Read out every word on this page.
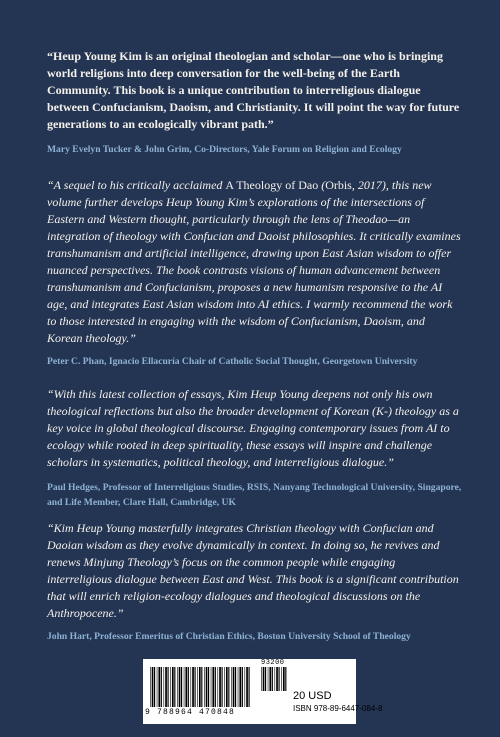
“Heup Young Kim is an original theologian and scholar—one who is bringing world religions into deep conversation for the well-being of the Earth Community. This book is a unique contribution to interreligious dialogue between Confucianism, Daoism, and Christianity. It will point the way for future generations to an ecologically vibrant path.”

Mary Evelyn Tucker & John Grim, Co-Directors, Yale Forum on Religion and Ecology

“A sequel to his critically acclaimed A Theology of Dao (Orbis, 2017), this new volume further develops Heup Young Kim’s explorations of the intersections of Eastern and Western thought, particularly through the lens of Theodao—an integration of theology with Confucian and Daoist philosophies. It critically examines transhumanism and artificial intelligence, drawing upon East Asian wisdom to offer nuanced perspectives. The book contrasts visions of human advancement between transhumanism and Confucianism, proposes a new humanism responsive to the AI age, and integrates East Asian wisdom into AI ethics. I warmly recommend the work to those interested in engaging with the wisdom of Confucianism, Daoism, and Korean theology.”

Peter C. Phan, Ignacio Ellacuría Chair of Catholic Social Thought, Georgetown University

“With this latest collection of essays, Kim Heup Young deepens not only his own theological reflections but also the broader development of Korean (K-) theology as a key voice in global theological discourse. Engaging contemporary issues from AI to ecology while rooted in deep spirituality, these essays will inspire and challenge scholars in systematics, political theology, and interreligious dialogue.”

Paul Hedges, Professor of Interreligious Studies, RSIS, Nanyang Technological University, Singapore, and Life Member, Clare Hall, Cambridge, UK

“Kim Heup Young masterfully integrates Christian theology with Confucian and Daoian wisdom as they evolve dynamically in context. In doing so, he revives and renews Minjung Theology’s focus on the common people while engaging interreligious dialogue between East and West. This book is a significant contribution that will enrich religion-ecology dialogues and theological discussions on the Anthropocene.”

John Hart, Professor Emeritus of Christian Ethics, Boston University School of Theology

9 788964 470848
93200
20 USD
ISBN 978-89-6447-084-8
